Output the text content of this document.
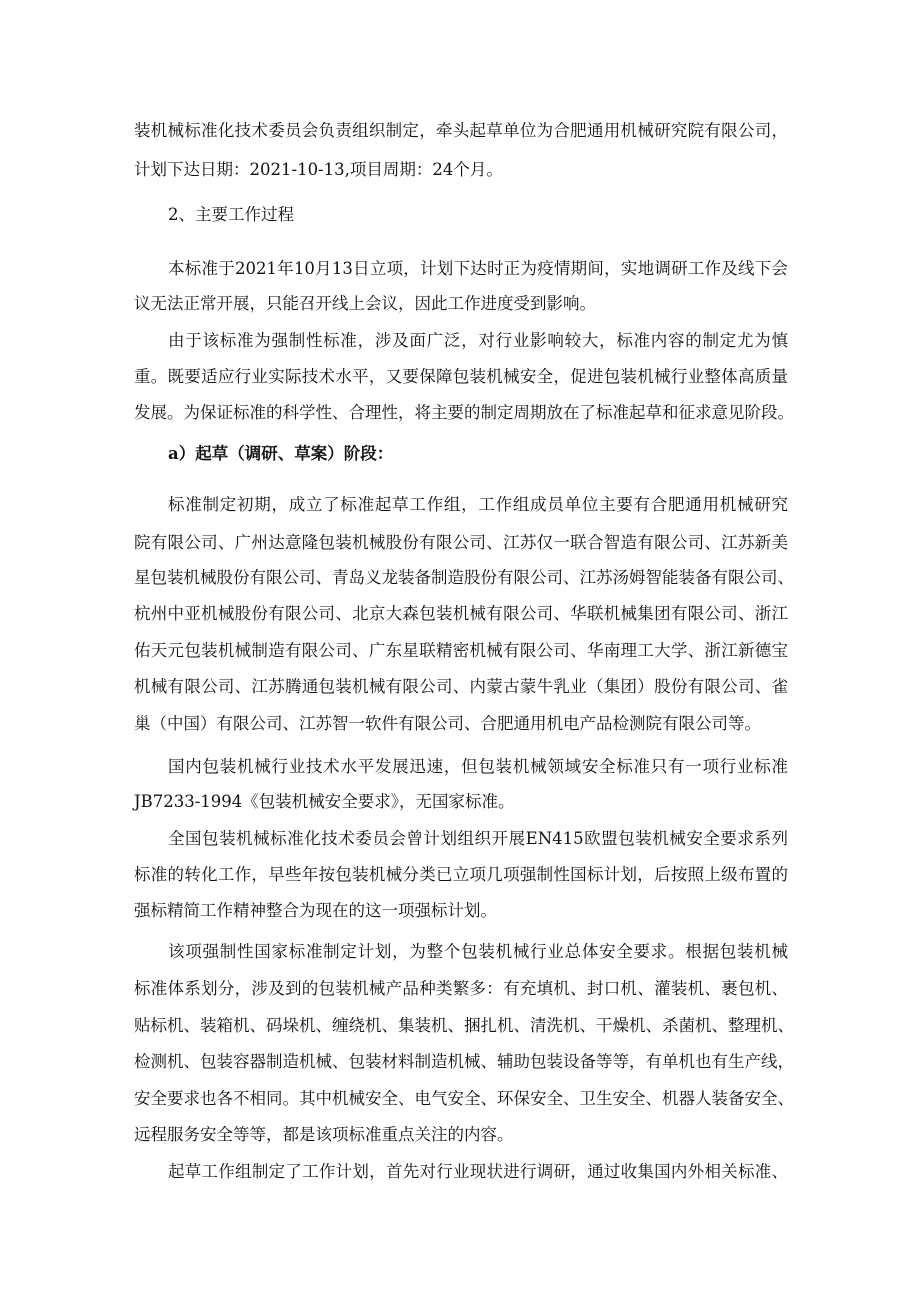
装机械标准化技术委员会负责组织制定，牵头起草单位为合肥通用机械研究院有限公司，
计划下达日期：2021-10-13,项目周期：24个月。
2、主要工作过程
本标准于2021年10月13日立项，计划下达时正为疫情期间，实地调研工作及线下会
议无法正常开展，只能召开线上会议，因此工作进度受到影响。
由于该标准为强制性标准，涉及面广泛，对行业影响较大，标准内容的制定尤为慎
重。既要适应行业实际技术水平，又要保障包装机械安全，促进包装机械行业整体高质量
发展。为保证标准的科学性、合理性，将主要的制定周期放在了标准起草和征求意见阶段。
a）起草（调研、草案）阶段：
标准制定初期，成立了标准起草工作组，工作组成员单位主要有合肥通用机械研究
院有限公司、广州达意隆包装机械股份有限公司、江苏仅一联合智造有限公司、江苏新美
星包装机械股份有限公司、青岛义龙装备制造股份有限公司、江苏汤姆智能装备有限公司、
杭州中亚机械股份有限公司、北京大森包装机械有限公司、华联机械集团有限公司、浙江
佑天元包装机械制造有限公司、广东星联精密机械有限公司、华南理工大学、浙江新德宝
机械有限公司、江苏腾通包装机械有限公司、内蒙古蒙牛乳业（集团）股份有限公司、雀
巢（中国）有限公司、江苏智一软件有限公司、合肥通用机电产品检测院有限公司等。
国内包装机械行业技术水平发展迅速，但包装机械领域安全标准只有一项行业标准
JB7233-1994《包装机械安全要求》，无国家标准。
全国包装机械标准化技术委员会曾计划组织开展EN415欧盟包装机械安全要求系列
标准的转化工作，早些年按包装机械分类已立项几项强制性国标计划，后按照上级布置的
强标精简工作精神整合为现在的这一项强标计划。
该项强制性国家标准制定计划，为整个包装机械行业总体安全要求。根据包装机械
标准体系划分，涉及到的包装机械产品种类繁多：有充填机、封口机、灌装机、裹包机、
贴标机、装箱机、码垛机、缠绕机、集装机、捆扎机、清洗机、干燥机、杀菌机、整理机、
检测机、包装容器制造机械、包装材料制造机械、辅助包装设备等等，有单机也有生产线，
安全要求也各不相同。其中机械安全、电气安全、环保安全、卫生安全、机器人装备安全、
远程服务安全等等，都是该项标准重点关注的内容。
起草工作组制定了工作计划，首先对行业现状进行调研，通过收集国内外相关标准、
